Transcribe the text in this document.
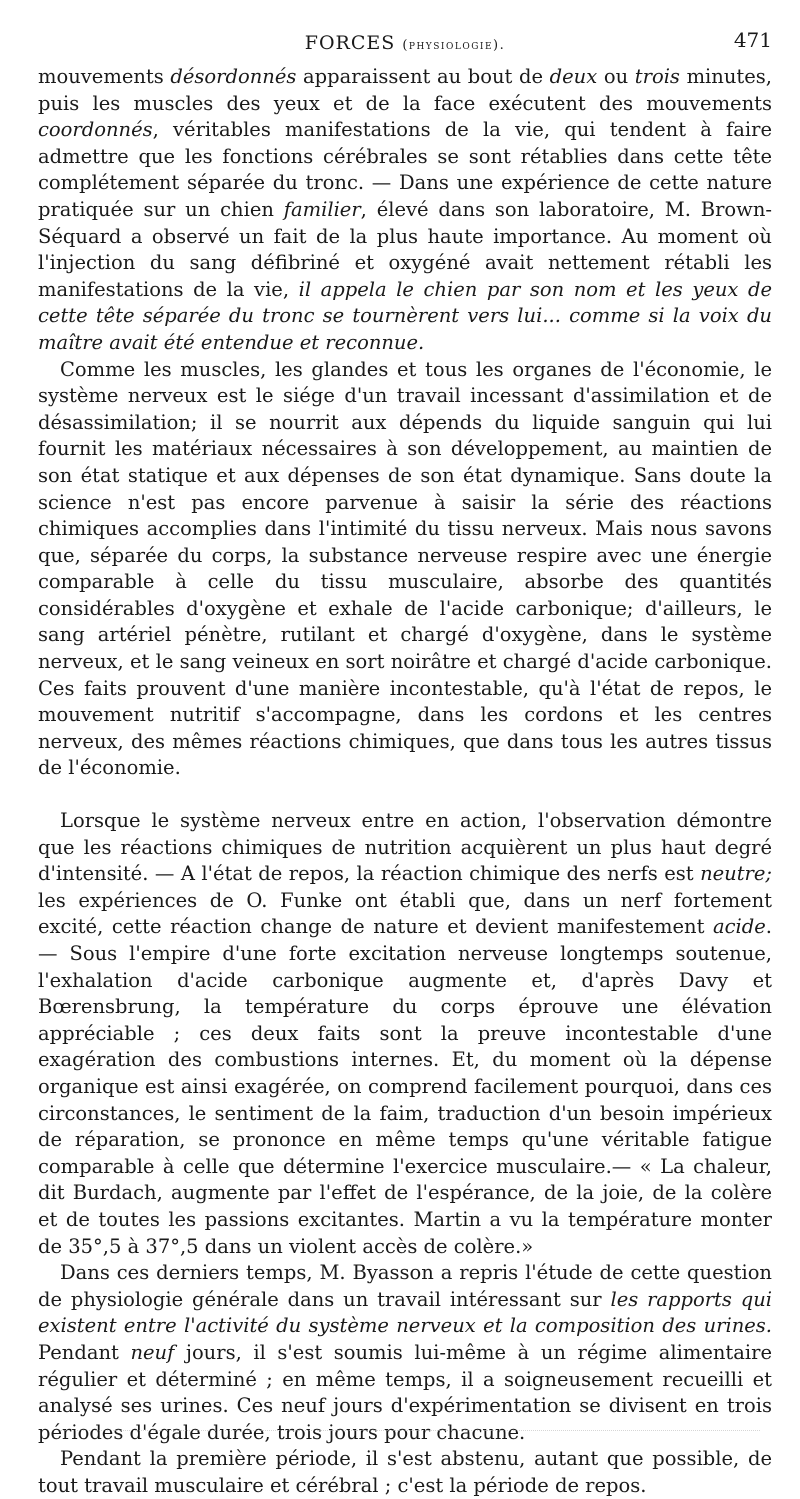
FORCES (physiologie).	471

mouvements désordonnés apparaissent au bout de deux ou trois minutes, puis les muscles des yeux et de la face exécutent des mouvements coordonnés, véritables manifestations de la vie, qui tendent à faire admettre que les fonctions cérébrales se sont rétablies dans cette tête complétement séparée du tronc. — Dans une expérience de cette nature pratiquée sur un chien familier, élevé dans son laboratoire, M. Brown-Séquard a observé un fait de la plus haute importance. Au moment où l'injection du sang défibriné et oxygéné avait nettement rétabli les manifestations de la vie, il appela le chien par son nom et les yeux de cette tête séparée du tronc se tournèrent vers lui... comme si la voix du maître avait été entendue et reconnue.

Comme les muscles, les glandes et tous les organes de l'économie, le système nerveux est le siége d'un travail incessant d'assimilation et de désassimilation; il se nourrit aux dépends du liquide sanguin qui lui fournit les matériaux nécessaires à son développement, au maintien de son état statique et aux dépenses de son état dynamique. Sans doute la science n'est pas encore parvenue à saisir la série des réactions chimiques accomplies dans l'intimité du tissu nerveux. Mais nous savons que, séparée du corps, la substance nerveuse respire avec une énergie comparable à celle du tissu musculaire, absorbe des quantités considérables d'oxygène et exhale de l'acide carbonique; d'ailleurs, le sang artériel pénètre, rutilant et chargé d'oxygène, dans le système nerveux, et le sang veineux en sort noirâtre et chargé d'acide carbonique. Ces faits prouvent d'une manière incontestable, qu'à l'état de repos, le mouvement nutritif s'accompagne, dans les cordons et les centres nerveux, des mêmes réactions chimiques, que dans tous les autres tissus de l'économie.

Lorsque le système nerveux entre en action, l'observation démontre que les réactions chimiques de nutrition acquièrent un plus haut degré d'intensité. — A l'état de repos, la réaction chimique des nerfs est neutre; les expériences de O. Funke ont établi que, dans un nerf fortement excité, cette réaction change de nature et devient manifestement acide. — Sous l'empire d'une forte excitation nerveuse longtemps soutenue, l'exhalation d'acide carbonique augmente et, d'après Davy et Bœrensbrung, la température du corps éprouve une élévation appréciable ; ces deux faits sont la preuve incontestable d'une exagération des combustions internes. Et, du moment où la dépense organique est ainsi exagérée, on comprend facilement pourquoi, dans ces circonstances, le sentiment de la faim, traduction d'un besoin impérieux de réparation, se prononce en même temps qu'une véritable fatigue comparable à celle que détermine l'exercice musculaire.— « La chaleur, dit Burdach, augmente par l'effet de l'espérance, de la joie, de la colère et de toutes les passions excitantes. Martin a vu la température monter de 35°,5 à 37°,5 dans un violent accès de colère.»

Dans ces derniers temps, M. Byasson a repris l'étude de cette question de physiologie générale dans un travail intéressant sur les rapports qui existent entre l'activité du système nerveux et la composition des urines. Pendant neuf jours, il s'est soumis lui-même à un régime alimentaire régulier et déterminé ; en même temps, il a soigneusement recueilli et analysé ses urines. Ces neuf jours d'expérimentation se divisent en trois périodes d'égale durée, trois jours pour chacune.

Pendant la première période, il s'est abstenu, autant que possible, de tout travail musculaire et cérébral ; c'est la période de repos.
